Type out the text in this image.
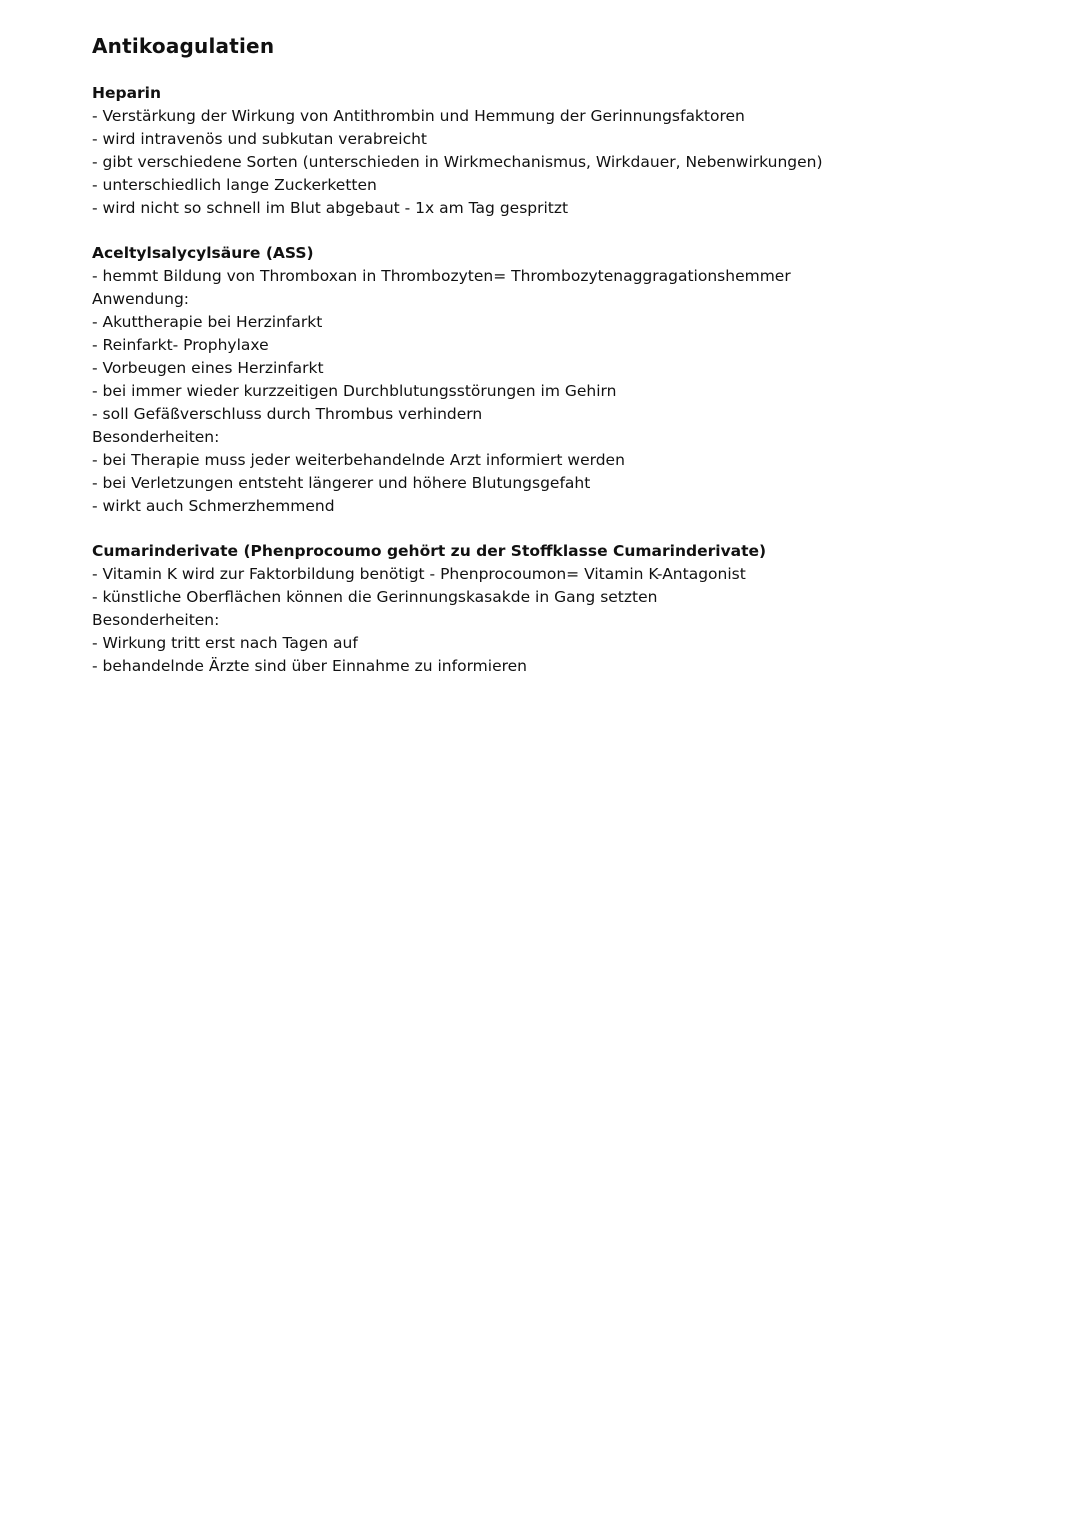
Antikoagulatien

Heparin

- Verstärkung der Wirkung von Antithrombin und Hemmung der Gerinnungsfaktoren

- wird intravenös und subkutan verabreicht

- gibt verschiedene Sorten (unterschieden in Wirkmechanismus, Wirkdauer, Nebenwirkungen)

- unterschiedlich lange Zuckerketten

- wird nicht so schnell im Blut abgebaut - 1x am Tag gespritzt

Aceltylsalycylsäure (ASS)

- hemmt Bildung von Thromboxan in Thrombozyten= Thrombozytenaggragationshemmer

Anwendung:

- Akuttherapie bei Herzinfarkt

- Reinfarkt- Prophylaxe

- Vorbeugen eines Herzinfarkt

- bei immer wieder kurzzeitigen Durchblutungsstörungen im Gehirn

- soll Gefäßverschluss durch Thrombus verhindern

Besonderheiten:

- bei Therapie muss jeder weiterbehandelnde Arzt informiert werden

- bei Verletzungen entsteht längerer und höhere Blutungsgefaht

- wirkt auch Schmerzhemmend

Cumarinderivate (Phenprocoumo gehört zu der Stoffklasse Cumarinderivate)

- Vitamin K wird zur Faktorbildung benötigt - Phenprocoumon= Vitamin K-Antagonist

- künstliche Oberflächen können die Gerinnungskasakde in Gang setzten

Besonderheiten:

- Wirkung tritt erst nach Tagen auf

- behandelnde Ärzte sind über Einnahme zu informieren
